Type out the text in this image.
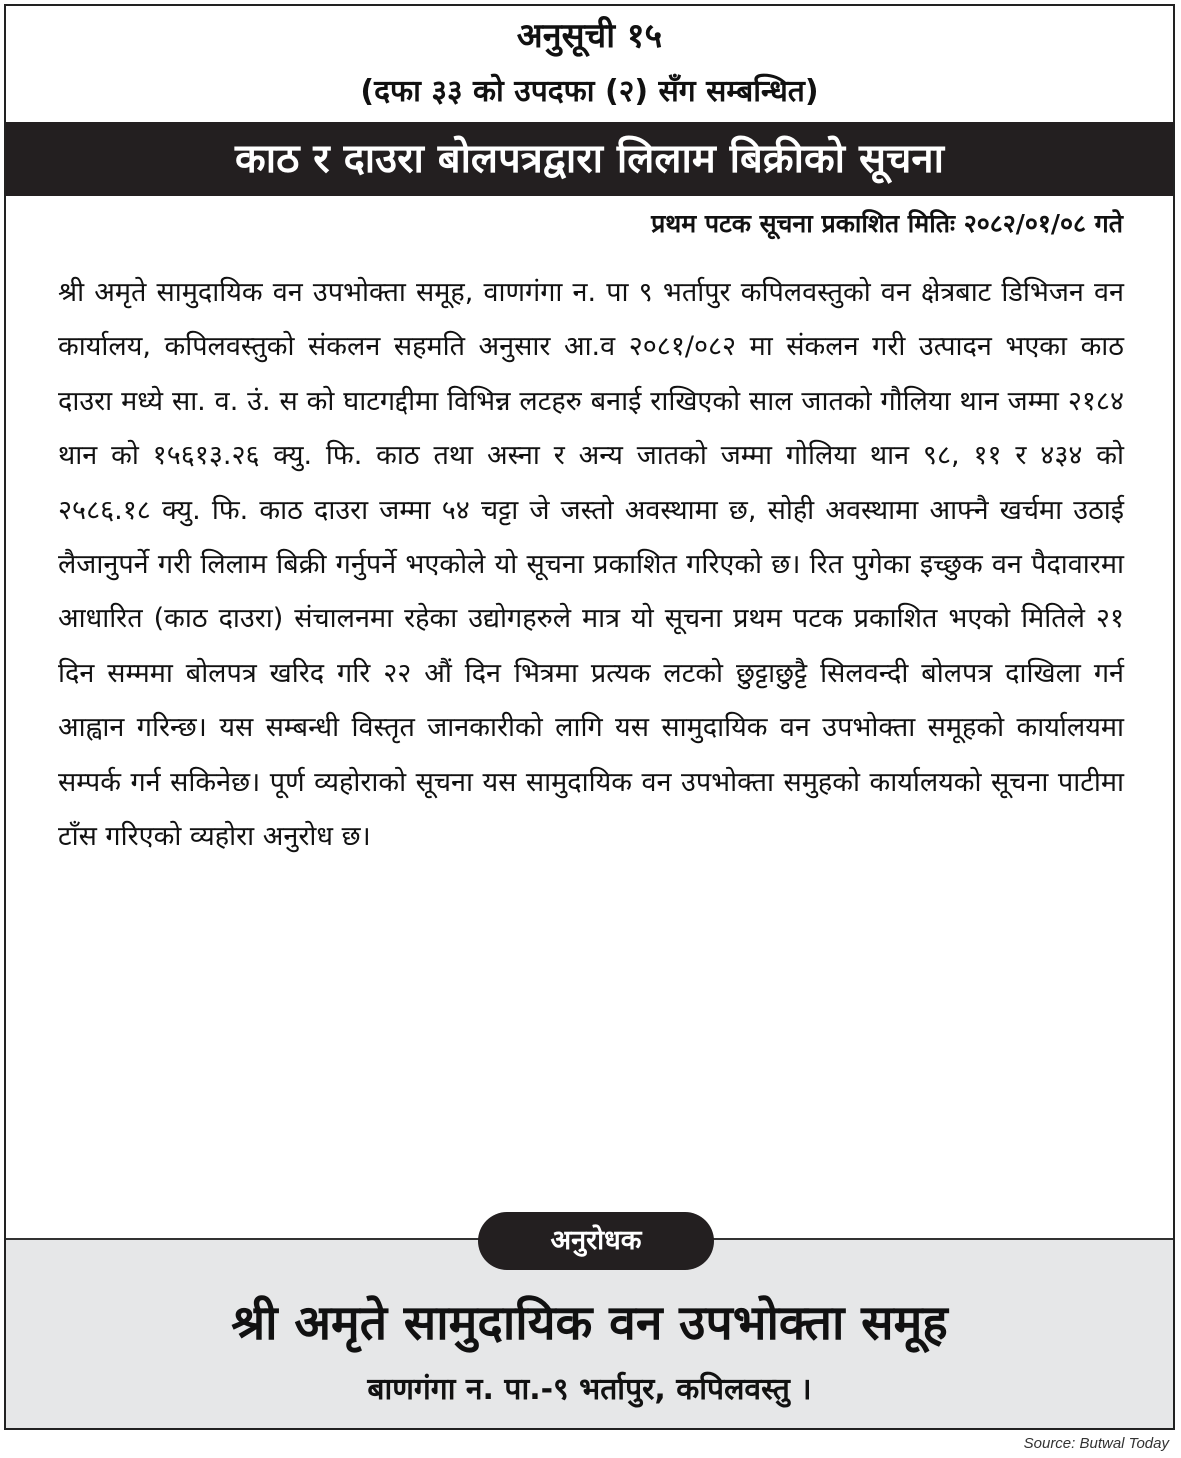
अनुसूची १५
(दफा ३३ को उपदफा (२) सँग सम्बन्धित)
काठ र दाउरा बोलपत्रद्वारा लिलाम बिक्रीको सूचना
प्रथम पटक सूचना प्रकाशित मितिः २०८२/०१/०८ गते
श्री अमृते सामुदायिक वन उपभोक्ता समूह, वाणगंगा न. पा ९ भर्तापुर कपिलवस्तुको वन क्षेत्रबाट डिभिजन वन कार्यालय, कपिलवस्तुको संकलन सहमति अनुसार आ.व २०८१/०८२ मा संकलन गरी उत्पादन भएका काठ दाउरा मध्ये सा. व. उं. स को घाटगद्दीमा विभिन्न लटहरु बनाई राखिएको साल जातको गौलिया थान जम्मा २१८४ थान को १५६१३.२६ क्यु. फि. काठ तथा अस्ना र अन्य जातको जम्मा गोलिया थान ९८, ११ र ४३४ को २५८६.१८ क्यु. फि. काठ दाउरा जम्मा ५४ चट्टा जे जस्तो अवस्थामा छ, सोही अवस्थामा आफ्नै खर्चमा उठाई लैजानुपर्ने गरी लिलाम बिक्री गर्नुपर्ने भएकोले यो सूचना प्रकाशित गरिएको छ। रित पुगेका इच्छुक वन पैदावारमा आधारित (काठ दाउरा) संचालनमा रहेका उद्योगहरुले मात्र यो सूचना प्रथम पटक प्रकाशित भएको मितिले २१ दिन सम्ममा बोलपत्र खरिद गरि २२ औं दिन भित्रमा प्रत्यक लटको छुट्टाछुट्टै सिलवन्दी बोलपत्र दाखिला गर्न आह्वान गरिन्छ। यस सम्बन्धी विस्तृत जानकारीको लागि यस सामुदायिक वन उपभोक्ता समूहको कार्यालयमा सम्पर्क गर्न सकिनेछ। पूर्ण व्यहोराको सूचना यस सामुदायिक वन उपभोक्ता समुहको कार्यालयको सूचना पाटीमा टाँस गरिएको व्यहोरा अनुरोध छ।
अनुरोधक
श्री अमृते सामुदायिक वन उपभोक्ता समूह
बाणगंगा न. पा.-९ भर्तापुर, कपिलवस्तु ।
Source: Butwal Today
